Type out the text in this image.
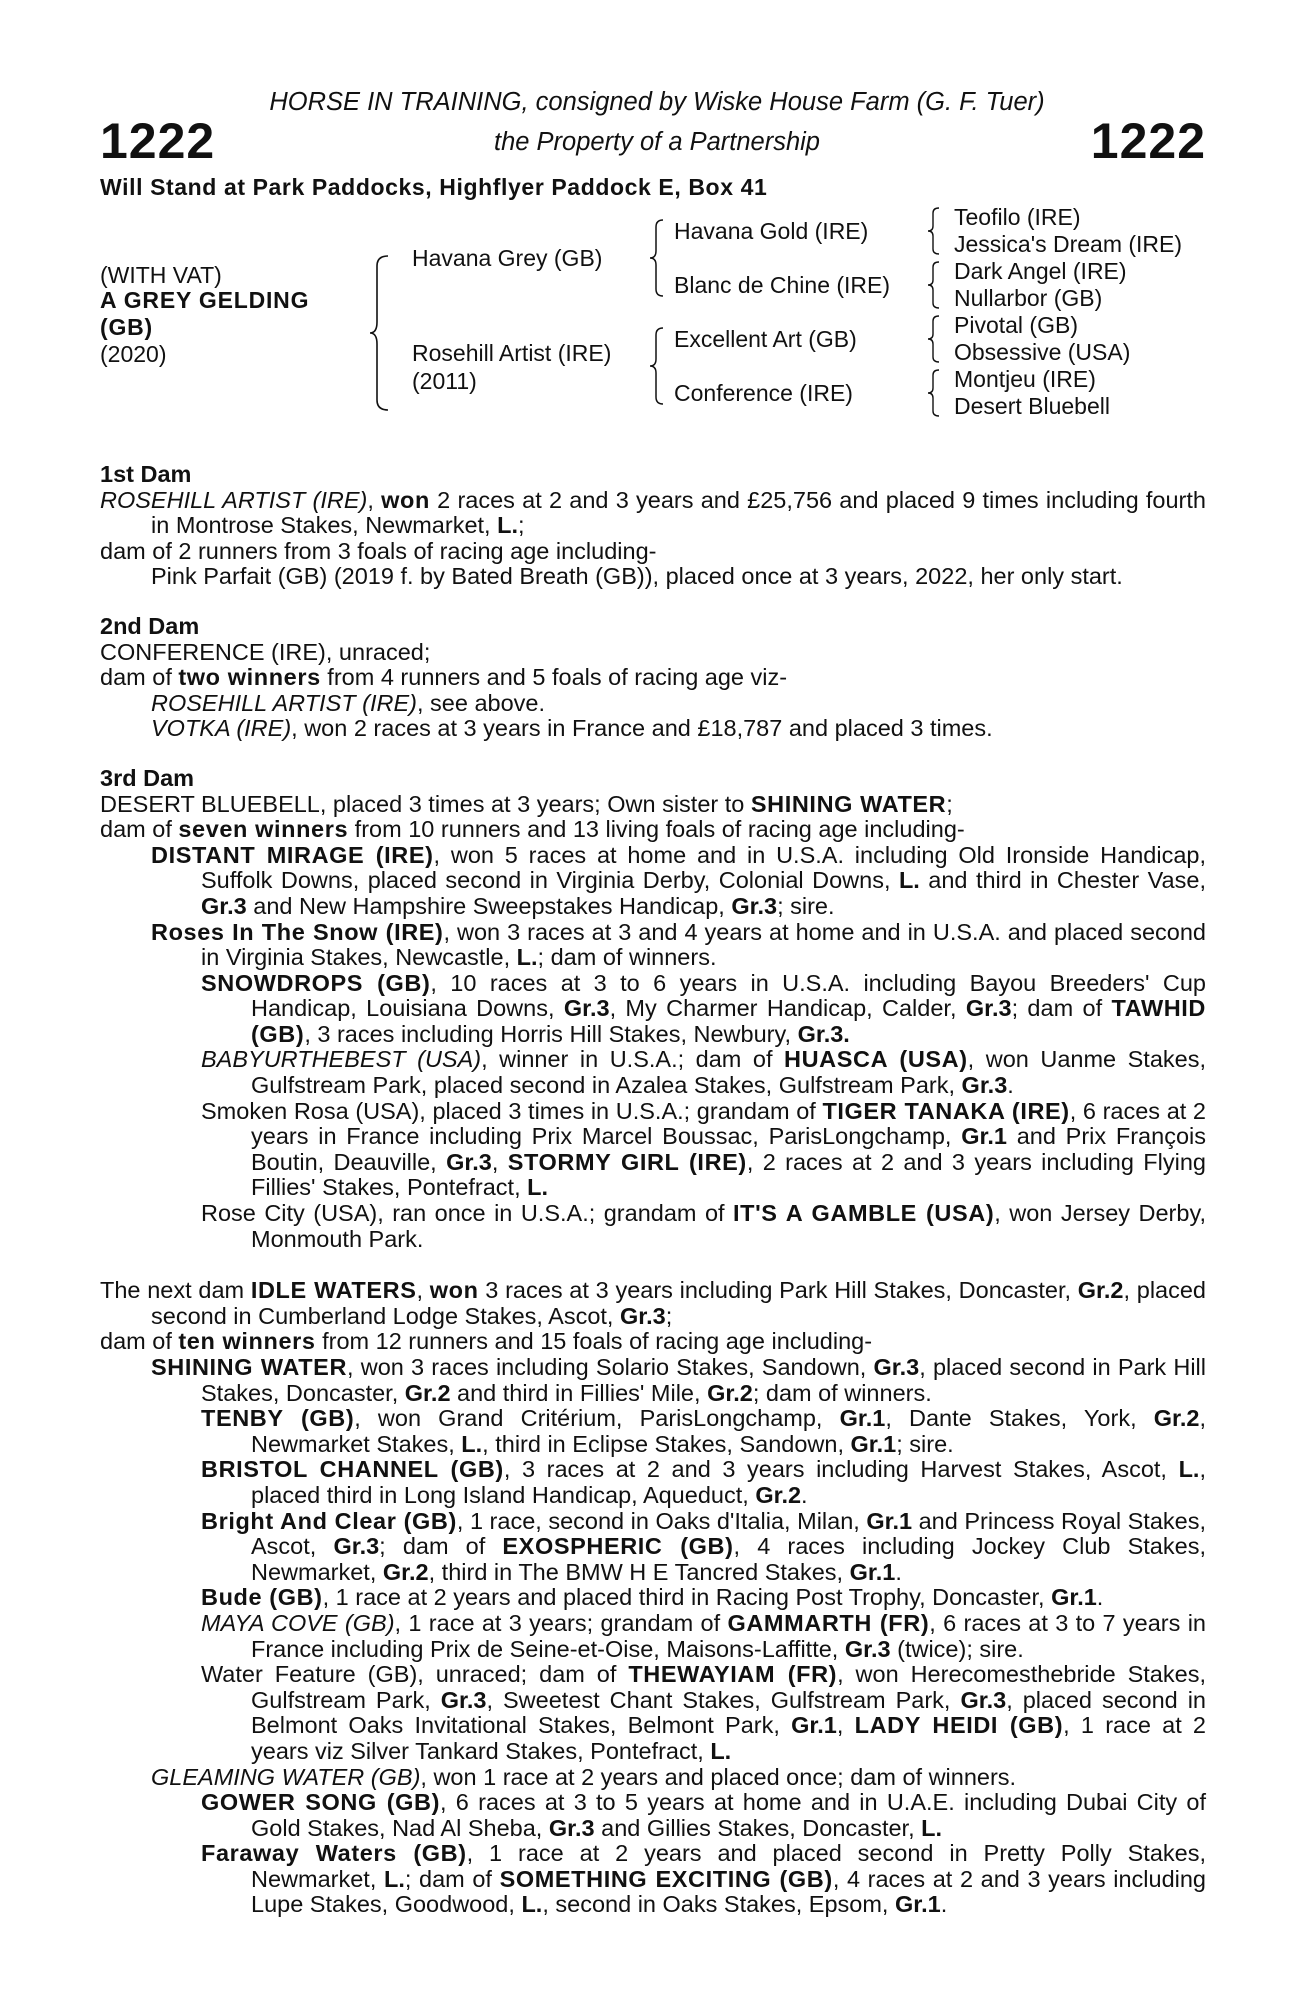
1222	1222
HORSE IN TRAINING, consigned by Wiske House Farm (G. F. Tuer)
the Property of a Partnership
Will Stand at Park Paddocks, Highflyer Paddock E, Box 41
(WITH VAT)
A GREY GELDING
(GB)
(2020)
Havana Grey (GB)
Rosehill Artist (IRE)
(2011)
Havana Gold (IRE)
Blanc de Chine (IRE)
Excellent Art (GB)
Conference (IRE)
Teofilo (IRE)
Jessica's Dream (IRE)
Dark Angel (IRE)
Nullarbor (GB)
Pivotal (GB)
Obsessive (USA)
Montjeu (IRE)
Desert Bluebell
1st Dam
ROSEHILL ARTIST (IRE), won 2 races at 2 and 3 years and £25,756 and placed 9 times including fourth in Montrose Stakes, Newmarket, L.;
dam of 2 runners from 3 foals of racing age including-
Pink Parfait (GB) (2019 f. by Bated Breath (GB)), placed once at 3 years, 2022, her only start.
2nd Dam
CONFERENCE (IRE), unraced;
dam of two winners from 4 runners and 5 foals of racing age viz-
ROSEHILL ARTIST (IRE), see above.
VOTKA (IRE), won 2 races at 3 years in France and £18,787 and placed 3 times.
3rd Dam
DESERT BLUEBELL, placed 3 times at 3 years; Own sister to SHINING WATER;
dam of seven winners from 10 runners and 13 living foals of racing age including-
DISTANT MIRAGE (IRE), won 5 races at home and in U.S.A. including Old Ironside Handicap, Suffolk Downs, placed second in Virginia Derby, Colonial Downs, L. and third in Chester Vase, Gr.3 and New Hampshire Sweepstakes Handicap, Gr.3; sire.
Roses In The Snow (IRE), won 3 races at 3 and 4 years at home and in U.S.A. and placed second in Virginia Stakes, Newcastle, L.; dam of winners.
SNOWDROPS (GB), 10 races at 3 to 6 years in U.S.A. including Bayou Breeders' Cup Handicap, Louisiana Downs, Gr.3, My Charmer Handicap, Calder, Gr.3; dam of TAWHID (GB), 3 races including Horris Hill Stakes, Newbury, Gr.3.
BABYURTHEBEST (USA), winner in U.S.A.; dam of HUASCA (USA), won Uanme Stakes, Gulfstream Park, placed second in Azalea Stakes, Gulfstream Park, Gr.3.
Smoken Rosa (USA), placed 3 times in U.S.A.; grandam of TIGER TANAKA (IRE), 6 races at 2 years in France including Prix Marcel Boussac, ParisLongchamp, Gr.1 and Prix François Boutin, Deauville, Gr.3, STORMY GIRL (IRE), 2 races at 2 and 3 years including Flying Fillies' Stakes, Pontefract, L.
Rose City (USA), ran once in U.S.A.; grandam of IT'S A GAMBLE (USA), won Jersey Derby, Monmouth Park.
The next dam IDLE WATERS, won 3 races at 3 years including Park Hill Stakes, Doncaster, Gr.2, placed second in Cumberland Lodge Stakes, Ascot, Gr.3;
dam of ten winners from 12 runners and 15 foals of racing age including-
SHINING WATER, won 3 races including Solario Stakes, Sandown, Gr.3, placed second in Park Hill Stakes, Doncaster, Gr.2 and third in Fillies' Mile, Gr.2; dam of winners.
TENBY (GB), won Grand Critérium, ParisLongchamp, Gr.1, Dante Stakes, York, Gr.2, Newmarket Stakes, L., third in Eclipse Stakes, Sandown, Gr.1; sire.
BRISTOL CHANNEL (GB), 3 races at 2 and 3 years including Harvest Stakes, Ascot, L., placed third in Long Island Handicap, Aqueduct, Gr.2.
Bright And Clear (GB), 1 race, second in Oaks d'Italia, Milan, Gr.1 and Princess Royal Stakes, Ascot, Gr.3; dam of EXOSPHERIC (GB), 4 races including Jockey Club Stakes, Newmarket, Gr.2, third in The BMW H E Tancred Stakes, Gr.1.
Bude (GB), 1 race at 2 years and placed third in Racing Post Trophy, Doncaster, Gr.1.
MAYA COVE (GB), 1 race at 3 years; grandam of GAMMARTH (FR), 6 races at 3 to 7 years in France including Prix de Seine-et-Oise, Maisons-Laffitte, Gr.3 (twice); sire.
Water Feature (GB), unraced; dam of THEWAYIAM (FR), won Herecomesthebride Stakes, Gulfstream Park, Gr.3, Sweetest Chant Stakes, Gulfstream Park, Gr.3, placed second in Belmont Oaks Invitational Stakes, Belmont Park, Gr.1, LADY HEIDI (GB), 1 race at 2 years viz Silver Tankard Stakes, Pontefract, L.
GLEAMING WATER (GB), won 1 race at 2 years and placed once; dam of winners.
GOWER SONG (GB), 6 races at 3 to 5 years at home and in U.A.E. including Dubai City of Gold Stakes, Nad Al Sheba, Gr.3 and Gillies Stakes, Doncaster, L.
Faraway Waters (GB), 1 race at 2 years and placed second in Pretty Polly Stakes, Newmarket, L.; dam of SOMETHING EXCITING (GB), 4 races at 2 and 3 years including Lupe Stakes, Goodwood, L., second in Oaks Stakes, Epsom, Gr.1.
